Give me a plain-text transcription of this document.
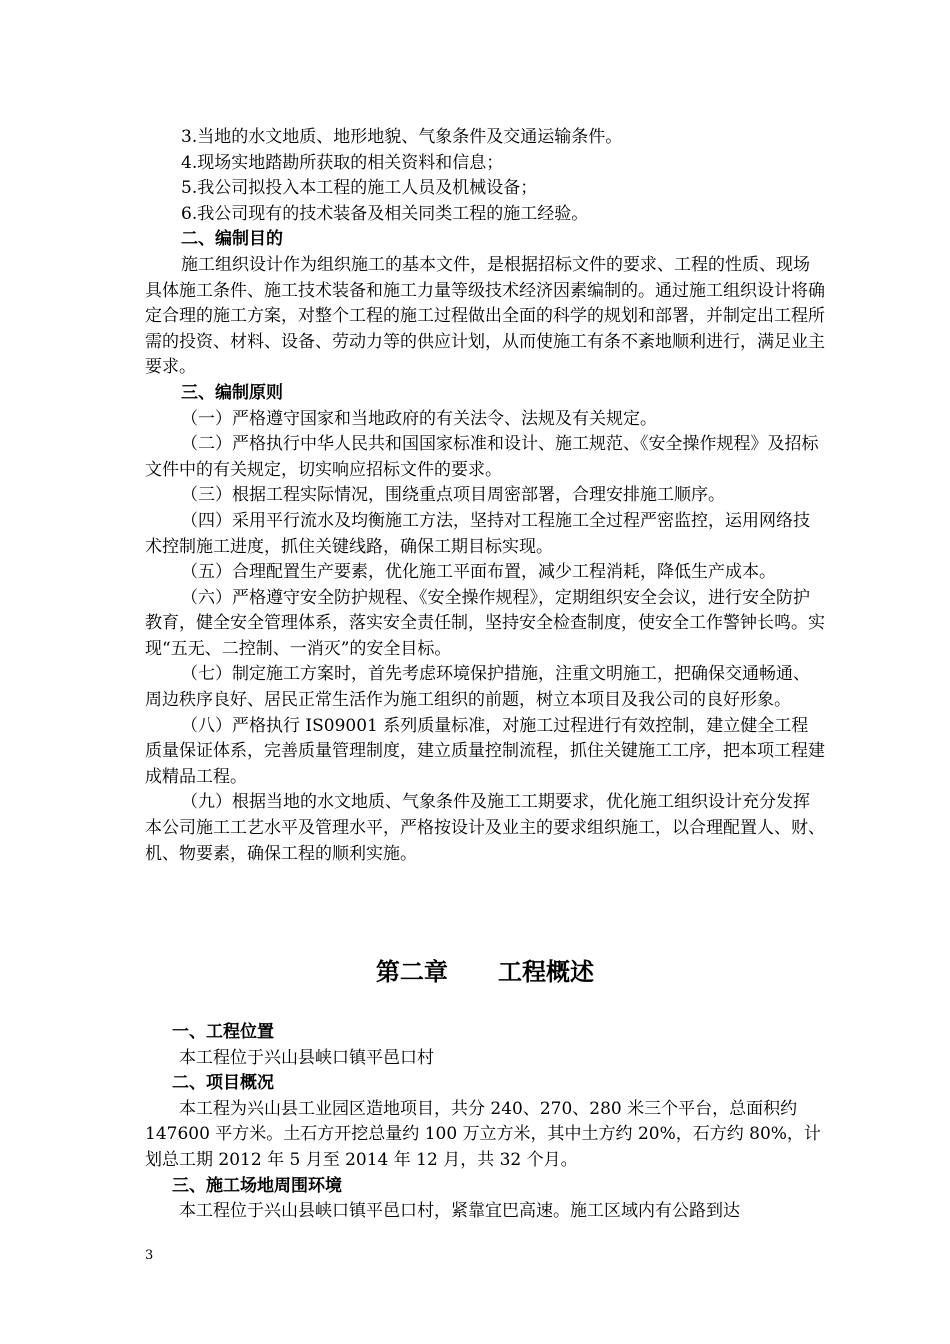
3.当地的水文地质、地形地貌、气象条件及交通运输条件。

4.现场实地踏勘所获取的相关资料和信息；

5.我公司拟投入本工程的施工人员及机械设备；

6.我公司现有的技术装备及相关同类工程的施工经验。

二、编制目的

施工组织设计作为组织施工的基本文件，是根据招标文件的要求、工程的性质、现场具体施工条件、施工技术装备和施工力量等级技术经济因素编制的。通过施工组织设计将确定合理的施工方案，对整个工程的施工过程做出全面的科学的规划和部署，并制定出工程所需的投资、材料、设备、劳动力等的供应计划，从而使施工有条不紊地顺利进行，满足业主要求。

三、编制原则

（一）严格遵守国家和当地政府的有关法令、法规及有关规定。

（二）严格执行中华人民共和国国家标准和设计、施工规范、《安全操作规程》及招标文件中的有关规定，切实响应招标文件的要求。

（三）根据工程实际情况，围绕重点项目周密部署，合理安排施工顺序。

（四）采用平行流水及均衡施工方法，坚持对工程施工全过程严密监控，运用网络技术控制施工进度，抓住关键线路，确保工期目标实现。

（五）合理配置生产要素，优化施工平面布置，减少工程消耗，降低生产成本。

（六）严格遵守安全防护规程、《安全操作规程》，定期组织安全会议，进行安全防护教育，健全安全管理体系，落实安全责任制，坚持安全检查制度，使安全工作警钟长鸣。实现“五无、二控制、一消灭”的安全目标。

（七）制定施工方案时，首先考虑环境保护措施，注重文明施工，把确保交通畅通、周边秩序良好、居民正常生活作为施工组织的前题，树立本项目及我公司的良好形象。

（八）严格执行 IS09001 系列质量标准，对施工过程进行有效控制，建立健全工程质量保证体系，完善质量管理制度，建立质量控制流程，抓住关键施工工序，把本项工程建成精品工程。

（九）根据当地的水文地质、气象条件及施工工期要求，优化施工组织设计充分发挥本公司施工工艺水平及管理水平，严格按设计及业主的要求组织施工，以合理配置人、财、机、物要素，确保工程的顺利实施。

第二章      工程概述

一、工程位置

本工程位于兴山县峡口镇平邑口村

二、项目概况

本工程为兴山县工业园区造地项目，共分 240、270、280 米三个平台，总面积约 147600 平方米。土石方开挖总量约 100 万立方米，其中土方约 20%，石方约 80%，计划总工期 2012 年 5 月至 2014 年 12 月，共 32 个月。

三、施工场地周围环境

本工程位于兴山县峡口镇平邑口村，紧靠宜巴高速。施工区域内有公路到达

3
